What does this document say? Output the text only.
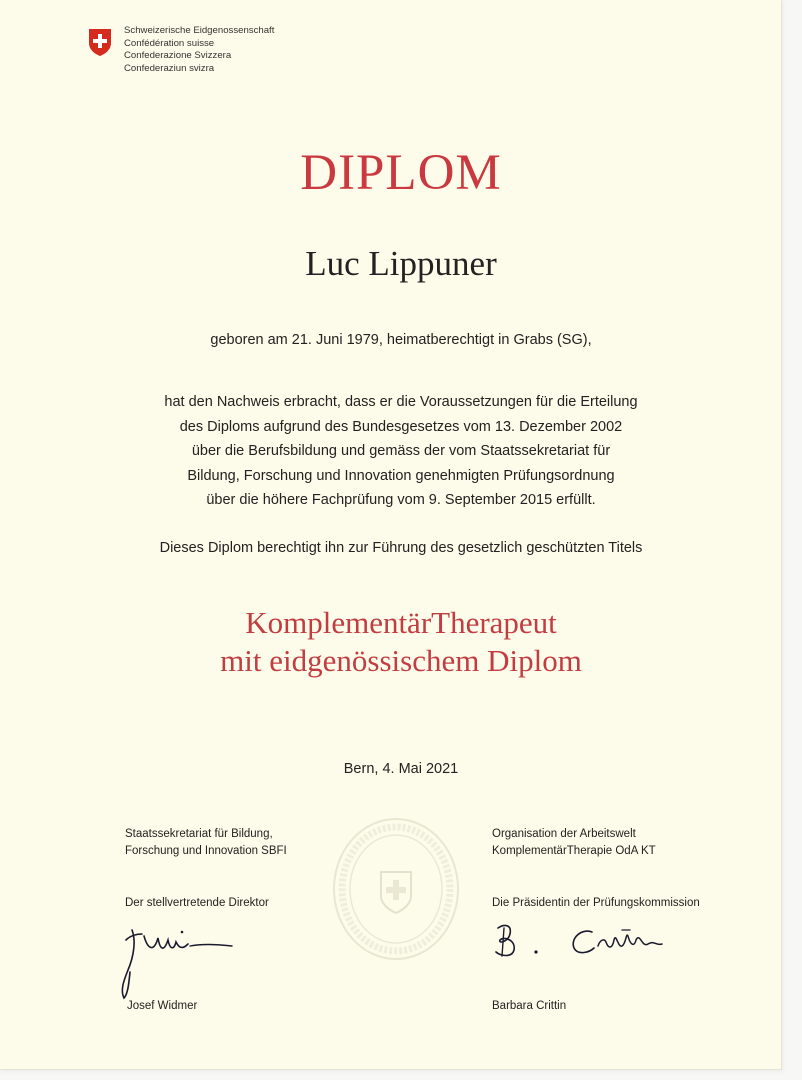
Schweizerische Eidgenossenschaft
Confédération suisse
Confederazione Svizzera
Confederaziun svizra
DIPLOM
Luc Lippuner
geboren am 21. Juni 1979, heimatberechtigt in Grabs (SG),
hat den Nachweis erbracht, dass er die Voraussetzungen für die Erteilung
des Diploms aufgrund des Bundesgesetzes vom 13. Dezember 2002
über die Berufsbildung und gemäss der vom Staatssekretariat für
Bildung, Forschung und Innovation genehmigten Prüfungsordnung
über die höhere Fachprüfung vom 9. September 2015 erfüllt.
Dieses Diplom berechtigt ihn zur Führung des gesetzlich geschützten Titels
KomplementärTherapeut
mit eidgenössischem Diplom
Bern, 4. Mai 2021
Staatssekretariat für Bildung,
Forschung und Innovation SBFI
Der stellvertretende Direktor
Josef Widmer
Organisation der Arbeitswelt
KomplementärTherapie OdA KT
Die Präsidentin der Prüfungskommission
Barbara Crittin
